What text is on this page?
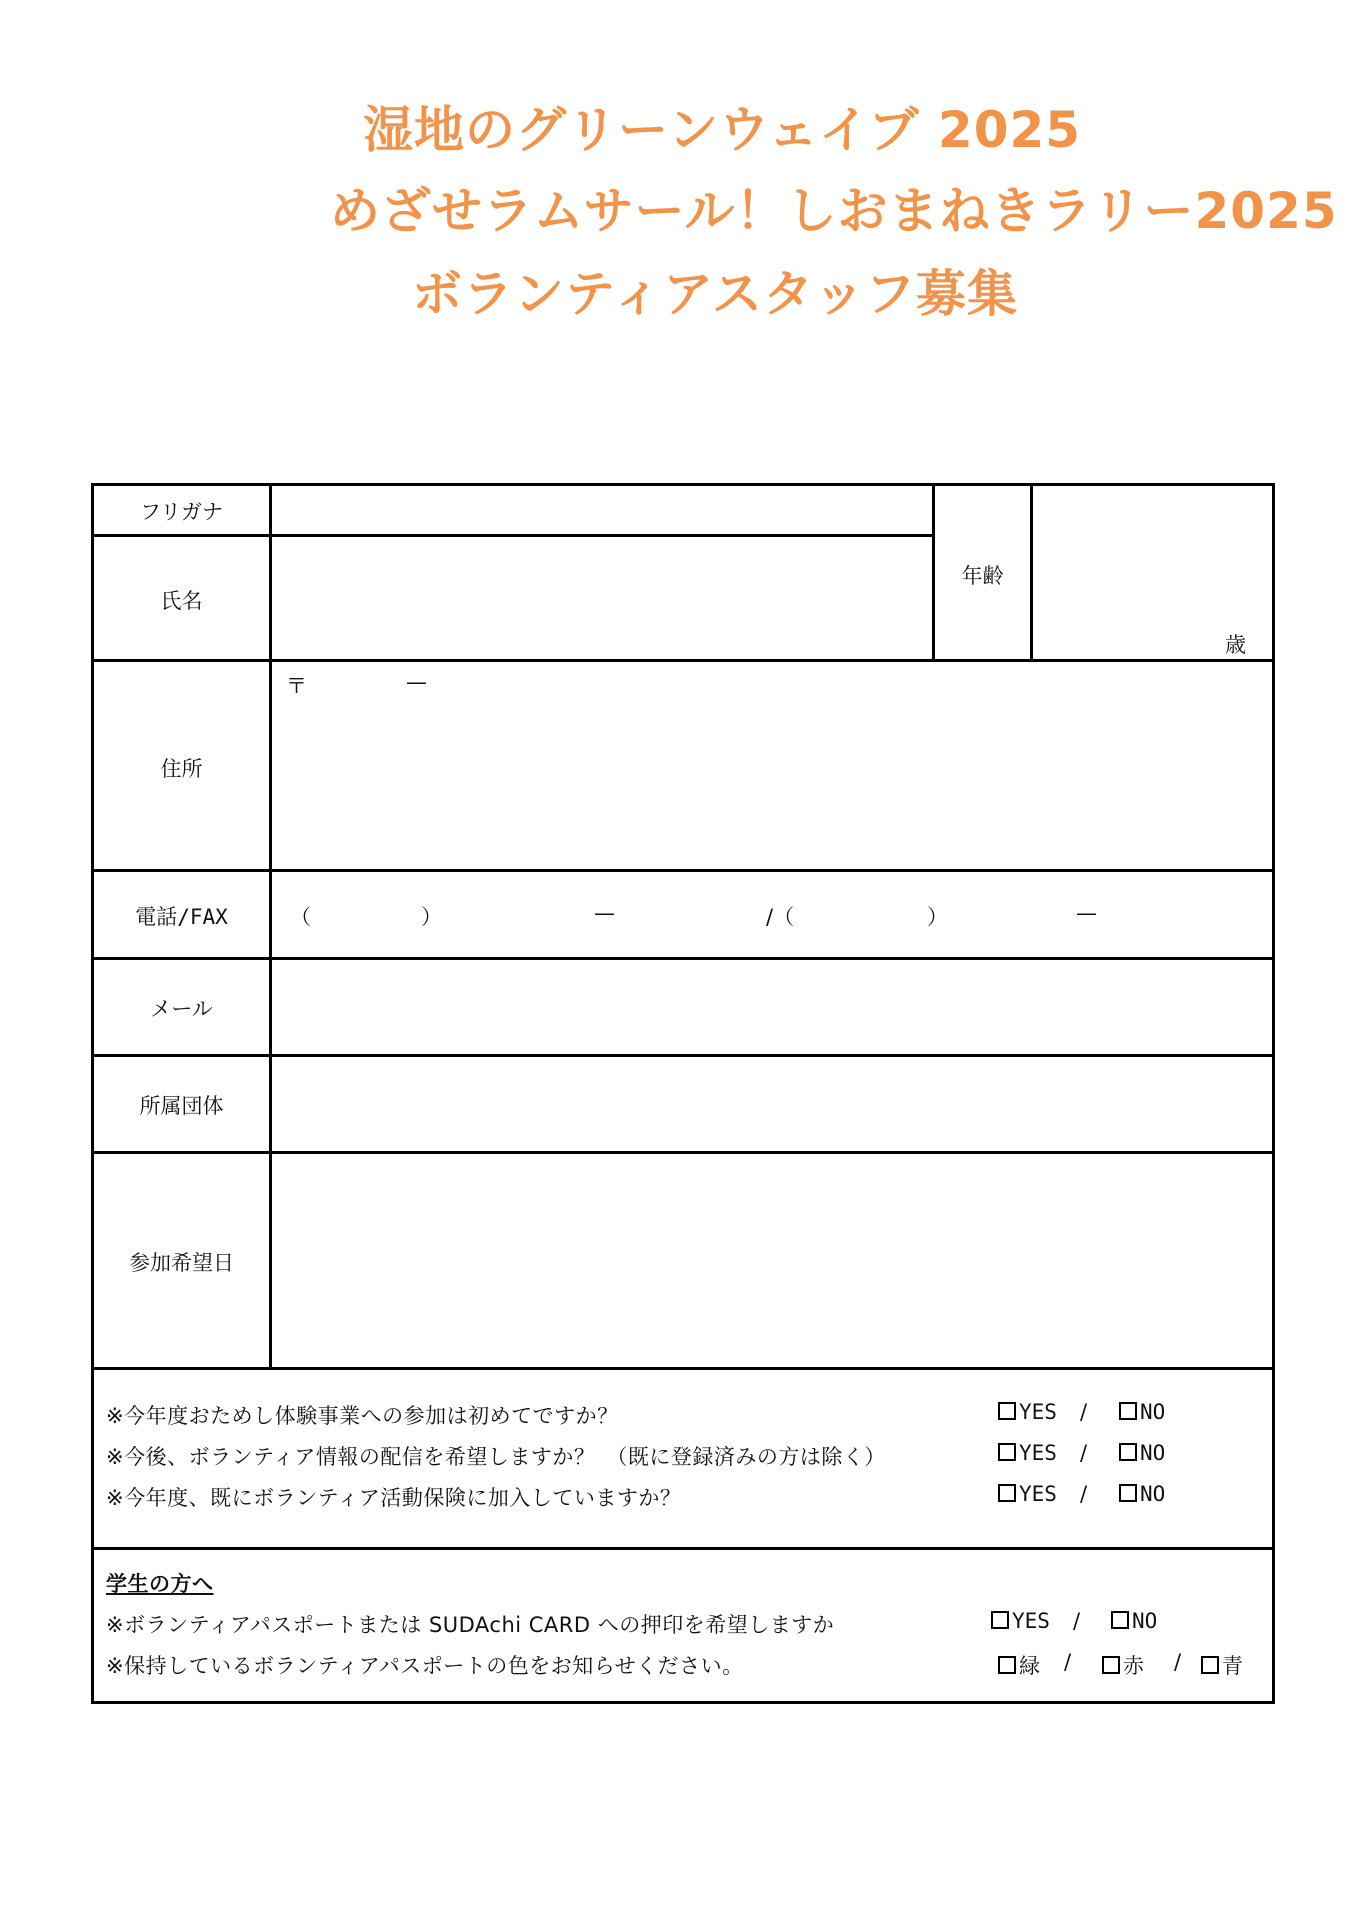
湿地のグリーンウェイブ 2025
めざせラムサール！しおまねきラリー2025
ボランティアスタッフ募集
フリガナ
氏名
年齢
歳
住所
〒	—
電話/FAX	（	）	—	/（	）	—
メール
所属団体
参加希望日
※今年度おためし体験事業への参加は初めてですか？	YES /	NO
※今後、ボランティア情報の配信を希望しますか？　（既に登録済みの方は除く）	YES /	NO
※今年度、既にボランティア活動保険に加入していますか？	YES /	NO
学生の方へ
※ボランティアパスポートまたは SUDAchi CARD への押印を希望しますか	YES /	NO
※保持しているボランティアパスポートの色をお知らせください。	緑 /	赤 /	青
